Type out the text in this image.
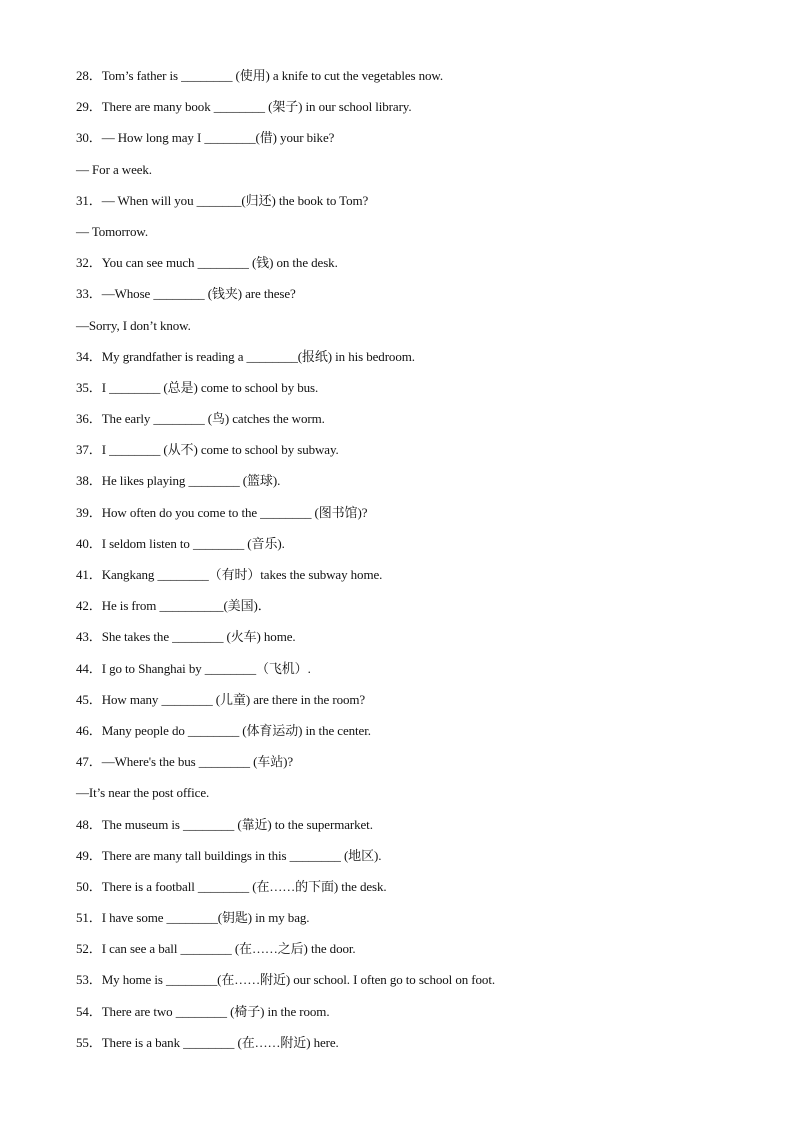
28．Tom’s father is ________ (使用) a knife to cut the vegetables now.
29．There are many book ________ (架子) in our school library.
30．— How long may I ________(借) your bike?
— For a week.
31．— When will you _______(归还) the book to Tom?
— Tomorrow.
32．You can see much ________ (钱) on the desk.
33．—Whose ________ (钱夹) are these?
—Sorry, I don’t know.
34．My grandfather is reading a ________(报纸) in his bedroom.
35．I ________ (总是) come to school by bus.
36．The early ________ (鸟) catches the worm.
37．I ________ (从不) come to school by subway.
38．He likes playing ________ (篮球).
39．How often do you come to the ________ (图书馆)?
40．I seldom listen to ________ (音乐).
41．Kangkang ________（有时）takes the subway home.
42．He is from __________(美国)．
43．She takes the ________ (火车) home.
44．I go to Shanghai by ________（飞机）.
45．How many ________ (儿童) are there in the room?
46．Many people do ________ (体育运动) in the center.
47．—Where's the bus ________ (车站)?
—It’s near the post office.
48．The museum is ________ (靠近) to the supermarket.
49．There are many tall buildings in this ________ (地区).
50．There is a football ________ (在……的下面) the desk.
51．I have some ________(钥匙) in my bag.
52．I can see a ball ________ (在……之后) the door.
53．My home is ________(在……附近) our school. I often go to school on foot.
54．There are two ________ (椅子) in the room.
55．There is a bank ________ (在……附近) here.
